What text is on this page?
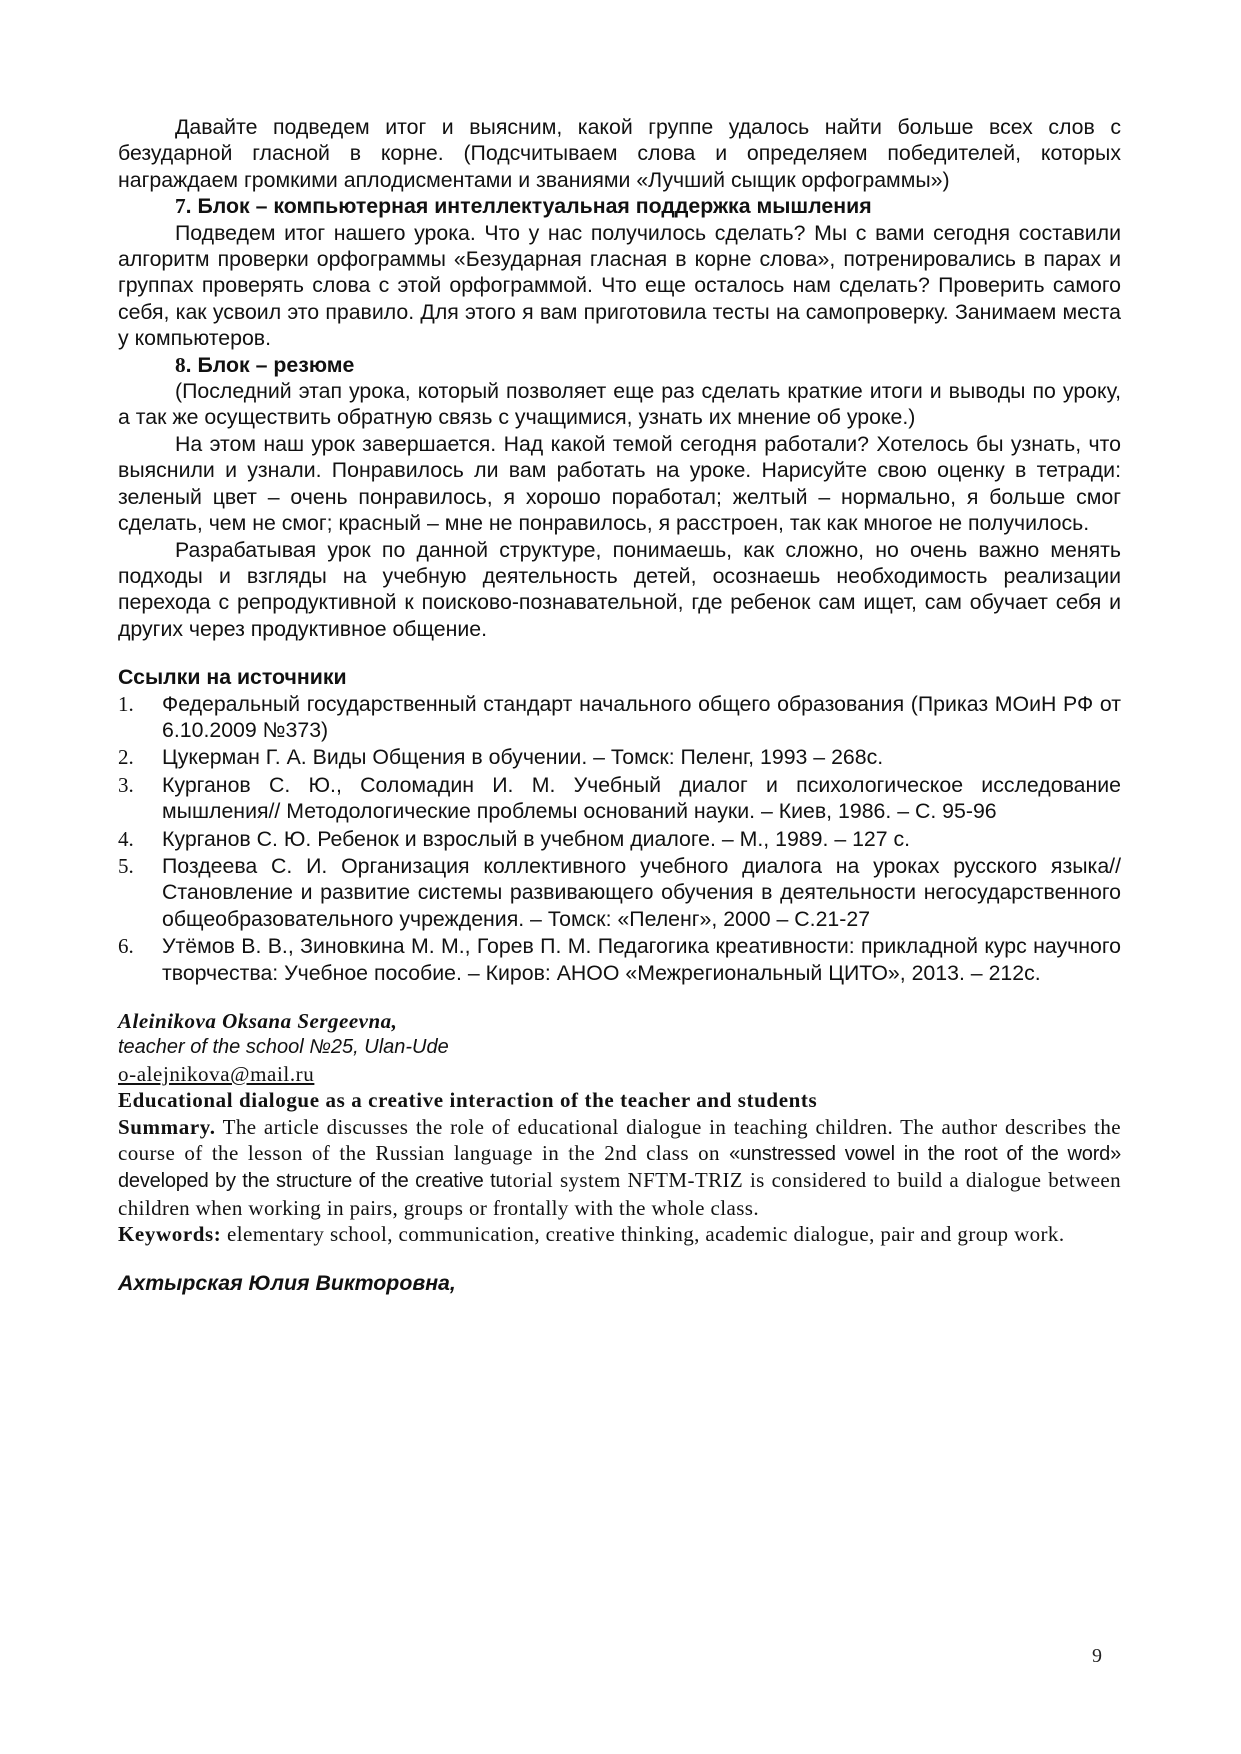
Давайте подведем итог и выясним, какой группе удалось найти больше всех слов с безударной гласной в корне. (Подсчитываем слова и определяем победителей, которых награждаем громкими аплодисментами и званиями «Лучший сыщик орфограммы»)

7. Блок – компьютерная интеллектуальная поддержка мышления

Подведем итог нашего урока. Что у нас получилось сделать? Мы с вами сегодня составили алгоритм проверки орфограммы «Безударная гласная в корне слова», потренировались в парах и группах проверять слова с этой орфограммой. Что еще осталось нам сделать? Проверить самого себя, как усвоил это правило. Для этого я вам приготовила тесты на самопроверку. Занимаем места у компьютеров.

8. Блок – резюме

(Последний этап урока, который позволяет еще раз сделать краткие итоги и выводы по уроку, а так же осуществить обратную связь с учащимися, узнать их мнение об уроке.)

На этом наш урок завершается. Над какой темой сегодня работали? Хотелось бы узнать, что выяснили и узнали. Понравилось ли вам работать на уроке. Нарисуйте свою оценку в тетради: зеленый цвет – очень понравилось, я хорошо поработал; желтый – нормально, я больше смог сделать, чем не смог; красный – мне не понравилось, я расстроен, так как многое не получилось.

Разрабатывая урок по данной структуре, понимаешь, как сложно, но очень важно менять подходы и взгляды на учебную деятельность детей, осознаешь необходимость реализации перехода с репродуктивной к поисково-познавательной, где ребенок сам ищет, сам обучает себя и других через продуктивное общение.

Ссылки на источники

1. Федеральный государственный стандарт начального общего образования (Приказ МОиН РФ от 6.10.2009 №373)
2. Цукерман Г. А. Виды Общения в обучении. – Томск: Пеленг, 1993 – 268с.
3. Курганов С. Ю., Соломадин И. М. Учебный диалог и психологическое исследование мышления// Методологические проблемы оснований науки. – Киев, 1986. – С. 95-96
4. Курганов С. Ю. Ребенок и взрослый в учебном диалоге. – М., 1989. – 127 с.
5. Поздеева С. И. Организация коллективного учебного диалога на уроках русского языка// Становление и развитие системы развивающего обучения в деятельности негосударственного общеобразовательного учреждения. – Томск: «Пеленг», 2000 – С.21-27
6. Утёмов В. В., Зиновкина М. М., Горев П. М. Педагогика креативности: прикладной курс научного творчества: Учебное пособие. – Киров: АНОО «Межрегиональный ЦИТО», 2013. – 212с.
Aleinikova Oksana Sergeevna,
teacher of the school №25, Ulan-Ude
o-alejnikova@mail.ru
Educational dialogue as a creative interaction of the teacher and students
Summary. The article discusses the role of educational dialogue in teaching children. The author describes the course of the lesson of the Russian language in the 2nd class on «unstressed vowel in the root of the word» developed by the structure of the creative tutorial system NFTM-TRIZ is considered to build a dialogue between children when working in pairs, groups or frontally with the whole class.
Keywords: elementary school, communication, creative thinking, academic dialogue, pair and group work.
Ахтырская Юлия Викторовна,
9
